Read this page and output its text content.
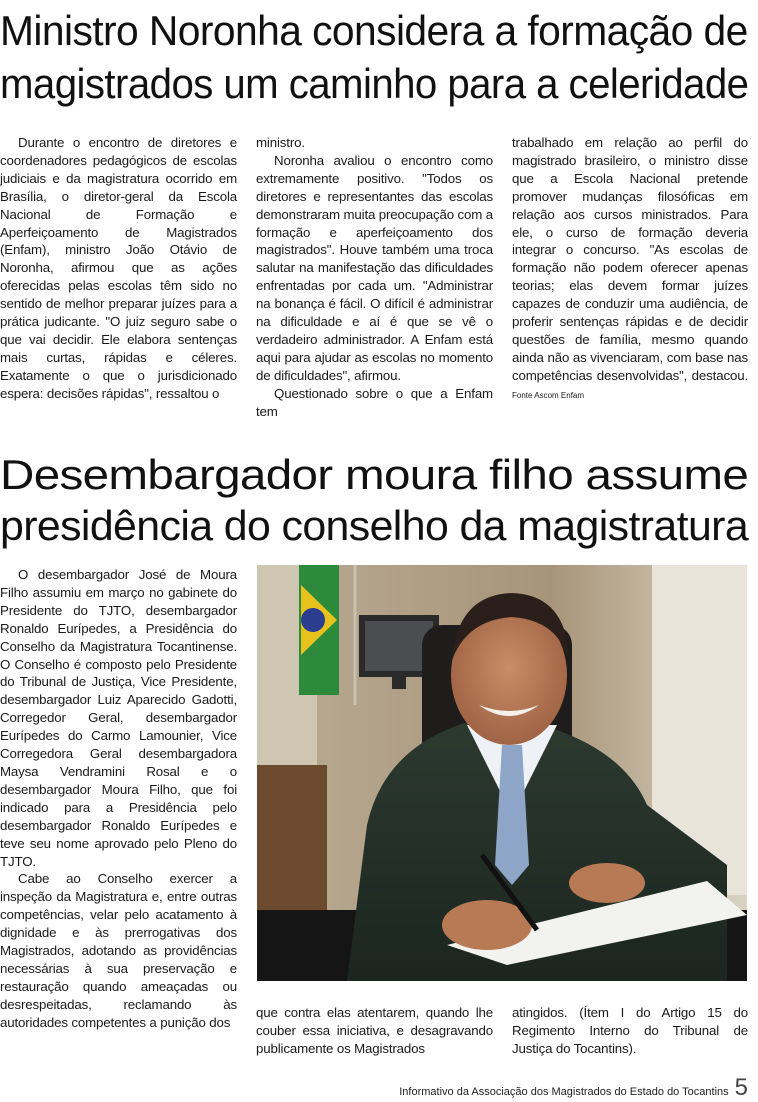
Ministro Noronha considera a formação de
magistrados um caminho para a celeridade

Durante o encontro de diretores e coordenadores pedagógicos de escolas judiciais e da magistratura ocorrido em Brasília, o diretor-geral da Escola Nacional de Formação e Aperfeiçoamento de Magistrados (Enfam), ministro João Otávio de Noronha, afirmou que as ações oferecidas pelas escolas têm sido no sentido de melhor preparar juízes para a prática judicante. "O juiz seguro sabe o que vai decidir. Ele elabora sentenças mais curtas, rápidas e céleres. Exatamente o que o jurisdicionado espera: decisões rápidas", ressaltou o

ministro.

Noronha avaliou o encontro como extremamente positivo. "Todos os diretores e representantes das escolas demonstraram muita preocupação com a formação e aperfeiçoamento dos magistrados". Houve também uma troca salutar na manifestação das dificuldades enfrentadas por cada um. "Administrar na bonança é fácil. O difícil é administrar na dificuldade e aí é que se vê o verdadeiro administrador. A Enfam está aqui para ajudar as escolas no momento de dificuldades", afirmou.

Questionado sobre o que a Enfam tem

trabalhado em relação ao perfil do magistrado brasileiro, o ministro disse que a Escola Nacional pretende promover mudanças filosóficas em relação aos cursos ministrados. Para ele, o curso de formação deveria integrar o concurso. "As escolas de formação não podem oferecer apenas teorias; elas devem formar juízes capazes de conduzir uma audiência, de proferir sentenças rápidas e de decidir questões de família, mesmo quando ainda não as vivenciaram, com base nas competências desenvolvidas", destacou. Fonte Ascom Enfam

Desembargador moura filho assume
presidência do conselho da magistratura

O desembargador José de Moura Filho assumiu em março no gabinete do Presidente do TJTO, desembargador Ronaldo Eurípedes, a Presidência do Conselho da Magistratura Tocantinense. O Conselho é composto pelo Presidente do Tribunal de Justiça, Vice Presidente, desembargador Luiz Aparecido Gadotti, Corregedor Geral, desembargador Eurípedes do Carmo Lamounier, Vice Corregedora Geral desembargadora Maysa Vendramini Rosal e o desembargador Moura Filho, que foi indicado para a Presidência pelo desembargador Ronaldo Eurípedes e teve seu nome aprovado pelo Pleno do TJTO.

Cabe ao Conselho exercer a inspeção da Magistratura e, entre outras competências, velar pelo acatamento à dignidade e às prerrogativas dos Magistrados, adotando as providências necessárias à sua preservação e restauração quando ameaçadas ou desrespeitadas, reclamando às autoridades competentes a punição dos

que contra elas atentarem, quando lhe couber essa iniciativa, e desagravando publicamente os Magistrados

atingidos. (Ítem I do Artigo 15 do Regimento Interno do Tribunal de Justiça do Tocantins).

Informativo da Associação dos Magistrados do Estado do Tocantins 5
